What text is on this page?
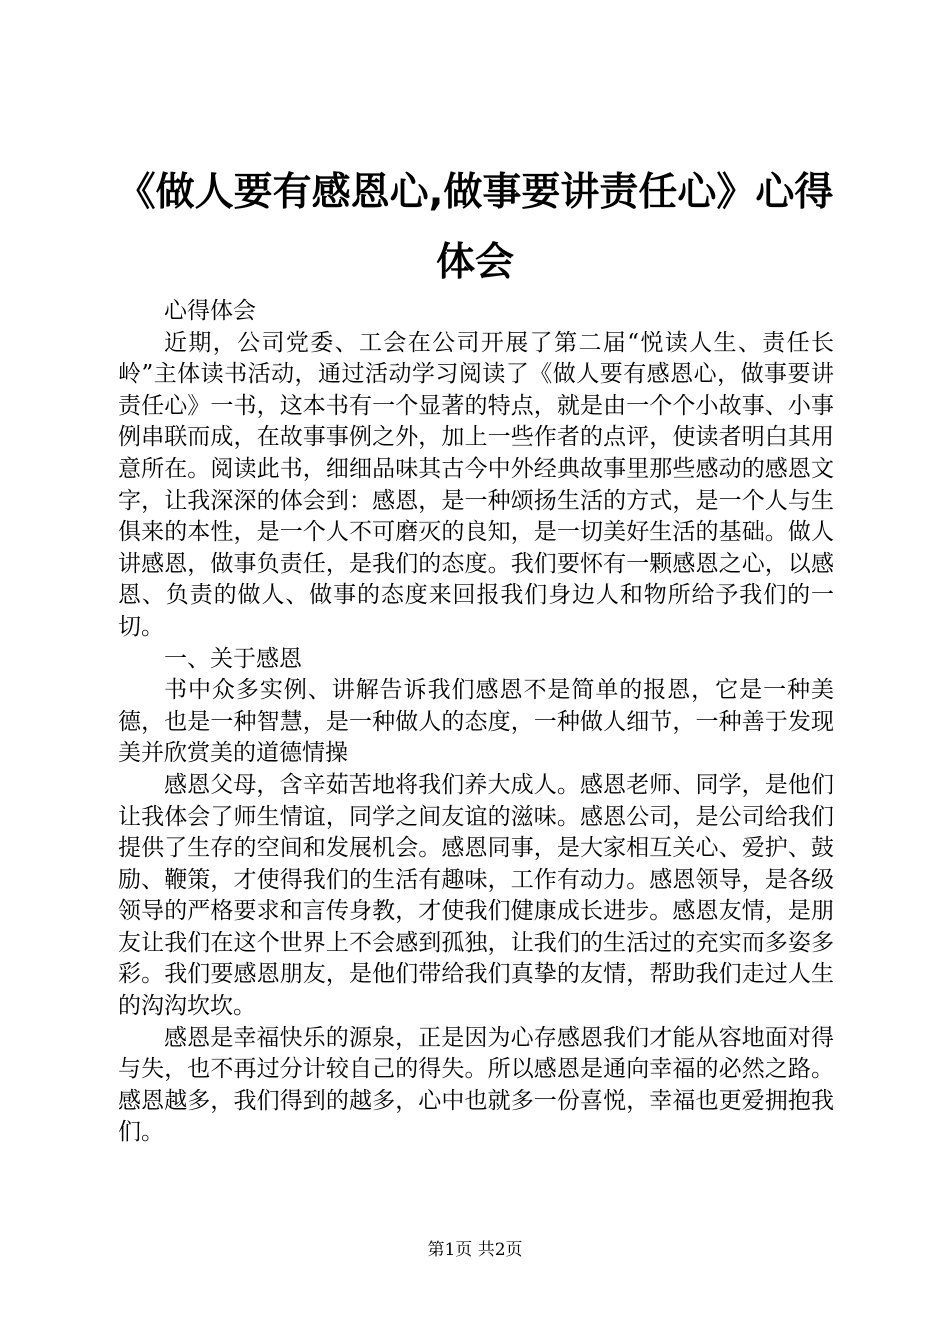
《做人要有感恩心,做事要讲责任心》心得体会

心得体会

近期，公司党委、工会在公司开展了第二届“悦读人生、责任长岭”主体读书活动，通过活动学习阅读了《做人要有感恩心，做事要讲责任心》一书，这本书有一个显著的特点，就是由一个个小故事、小事例串联而成，在故事事例之外，加上一些作者的点评，使读者明白其用意所在。阅读此书，细细品味其古今中外经典故事里那些感动的感恩文字，让我深深的体会到：感恩，是一种颂扬生活的方式，是一个人与生俱来的本性，是一个人不可磨灭的良知，是一切美好生活的基础。做人讲感恩，做事负责任，是我们的态度。我们要怀有一颗感恩之心，以感恩、负责的做人、做事的态度来回报我们身边人和物所给予我们的一切。

一、关于感恩

书中众多实例、讲解告诉我们感恩不是简单的报恩，它是一种美德，也是一种智慧，是一种做人的态度，一种做人细节，一种善于发现美并欣赏美的道德情操

感恩父母，含辛茹苦地将我们养大成人。感恩老师、同学，是他们让我体会了师生情谊，同学之间友谊的滋味。感恩公司，是公司给我们提供了生存的空间和发展机会。感恩同事，是大家相互关心、爱护、鼓励、鞭策，才使得我们的生活有趣味，工作有动力。感恩领导，是各级领导的严格要求和言传身教，才使我们健康成长进步。感恩友情，是朋友让我们在这个世界上不会感到孤独，让我们的生活过的充实而多姿多彩。我们要感恩朋友，是他们带给我们真挚的友情，帮助我们走过人生的沟沟坎坎。

感恩是幸福快乐的源泉，正是因为心存感恩我们才能从容地面对得与失，也不再过分计较自己的得失。所以感恩是通向幸福的必然之路。感恩越多，我们得到的越多，心中也就多一份喜悦，幸福也更爱拥抱我们。

第1页 共2页
